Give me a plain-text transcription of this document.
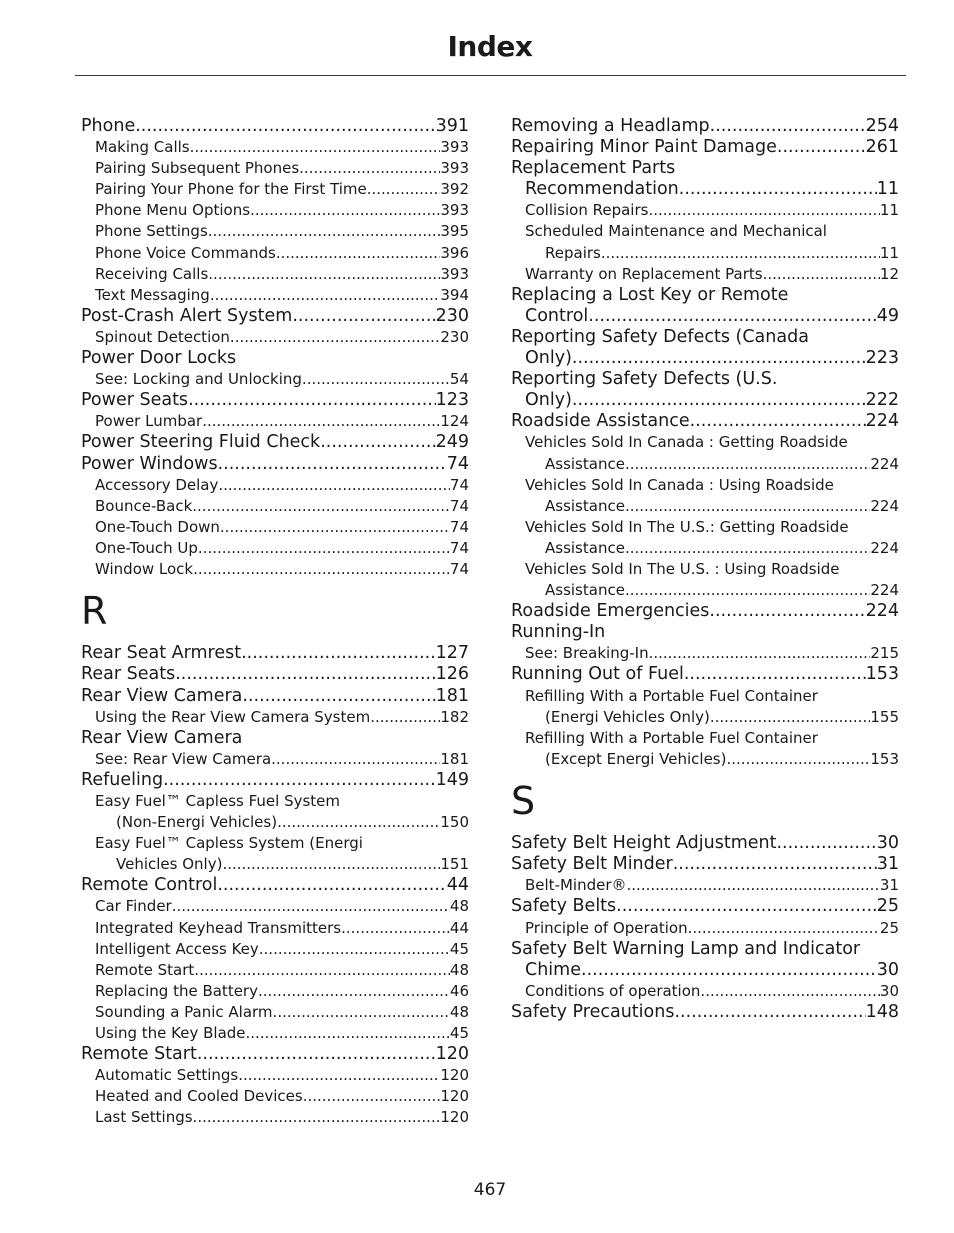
Index
Phone .....	391
Making Calls .....	393
Pairing Subsequent Phones .....	393
Pairing Your Phone for the First Time .....	392
Phone Menu Options .....	393
Phone Settings .....	395
Phone Voice Commands .....	396
Receiving Calls .....	393
Text Messaging .....	394
Post-Crash Alert System .....	230
Spinout Detection .....	230
Power Door Locks
See: Locking and Unlocking .....	54
Power Seats .....	123
Power Lumbar .....	124
Power Steering Fluid Check .....	249
Power Windows .....	74
Accessory Delay .....	74
Bounce-Back .....	74
One-Touch Down .....	74
One-Touch Up .....	74
Window Lock .....	74
R
Rear Seat Armrest .....	127
Rear Seats .....	126
Rear View Camera .....	181
Using the Rear View Camera System .....	182
Rear View Camera
See: Rear View Camera .....	181
Refueling .....	149
Easy Fuel™ Capless Fuel System
(Non-Energi Vehicles) .....	150
Easy Fuel™ Capless System (Energi
Vehicles Only) .....	151
Remote Control .....	44
Car Finder .....	48
Integrated Keyhead Transmitters .....	44
Intelligent Access Key .....	45
Remote Start .....	48
Replacing the Battery .....	46
Sounding a Panic Alarm .....	48
Using the Key Blade .....	45
Remote Start .....	120
Automatic Settings .....	120
Heated and Cooled Devices .....	120
Last Settings .....	120
Removing a Headlamp .....	254
Repairing Minor Paint Damage .....	261
Replacement Parts
Recommendation .....	11
Collision Repairs .....	11
Scheduled Maintenance and Mechanical
Repairs .....	11
Warranty on Replacement Parts .....	12
Replacing a Lost Key or Remote
Control .....	49
Reporting Safety Defects (Canada
Only) .....	223
Reporting Safety Defects (U.S.
Only) .....	222
Roadside Assistance .....	224
Vehicles Sold In Canada : Getting Roadside
Assistance .....	224
Vehicles Sold In Canada : Using Roadside
Assistance .....	224
Vehicles Sold In The U.S.: Getting Roadside
Assistance .....	224
Vehicles Sold In The U.S. : Using Roadside
Assistance .....	224
Roadside Emergencies .....	224
Running-In
See: Breaking-In .....	215
Running Out of Fuel .....	153
Refilling With a Portable Fuel Container
(Energi Vehicles Only) .....	155
Refilling With a Portable Fuel Container
(Except Energi Vehicles) .....	153
S
Safety Belt Height Adjustment .....	30
Safety Belt Minder .....	31
Belt-Minder® .....	31
Safety Belts .....	25
Principle of Operation .....	25
Safety Belt Warning Lamp and Indicator
Chime .....	30
Conditions of operation .....	30
Safety Precautions .....	148
467
